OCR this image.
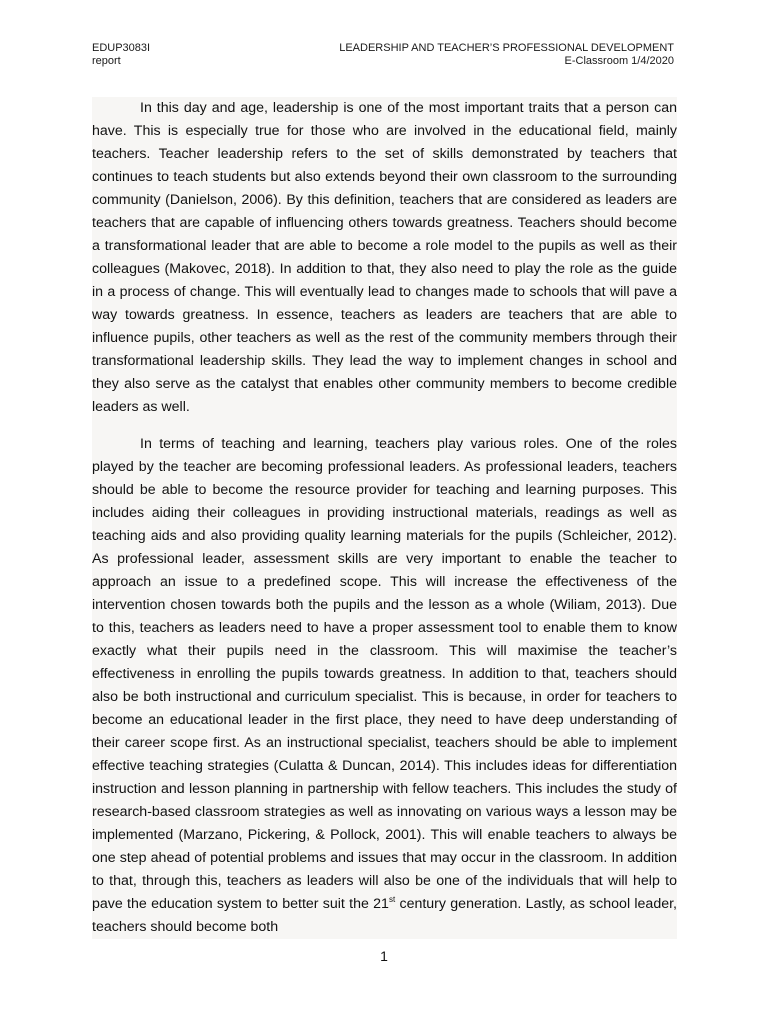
EDUP3083I
report
LEADERSHIP AND TEACHER’S PROFESSIONAL DEVELOPMENT
E-Classroom 1/4/2020

In this day and age, leadership is one of the most important traits that a person can have. This is especially true for those who are involved in the educational field, mainly teachers. Teacher leadership refers to the set of skills demonstrated by teachers that continues to teach students but also extends beyond their own classroom to the surrounding community (Danielson, 2006). By this definition, teachers that are considered as leaders are teachers that are capable of influencing others towards greatness. Teachers should become a transformational leader that are able to become a role model to the pupils as well as their colleagues (Makovec, 2018). In addition to that, they also need to play the role as the guide in a process of change. This will eventually lead to changes made to schools that will pave a way towards greatness. In essence, teachers as leaders are teachers that are able to influence pupils, other teachers as well as the rest of the community members through their transformational leadership skills. They lead the way to implement changes in school and they also serve as the catalyst that enables other community members to become credible leaders as well.

In terms of teaching and learning, teachers play various roles. One of the roles played by the teacher are becoming professional leaders. As professional leaders, teachers should be able to become the resource provider for teaching and learning purposes. This includes aiding their colleagues in providing instructional materials, readings as well as teaching aids and also providing quality learning materials for the pupils (Schleicher, 2012). As professional leader, assessment skills are very important to enable the teacher to approach an issue to a predefined scope. This will increase the effectiveness of the intervention chosen towards both the pupils and the lesson as a whole (Wiliam, 2013). Due to this, teachers as leaders need to have a proper assessment tool to enable them to know exactly what their pupils need in the classroom. This will maximise the teacher’s effectiveness in enrolling the pupils towards greatness. In addition to that, teachers should also be both instructional and curriculum specialist. This is because, in order for teachers to become an educational leader in the first place, they need to have deep understanding of their career scope first. As an instructional specialist, teachers should be able to implement effective teaching strategies (Culatta & Duncan, 2014). This includes ideas for differentiation instruction and lesson planning in partnership with fellow teachers. This includes the study of research-based classroom strategies as well as innovating on various ways a lesson may be implemented (Marzano, Pickering, & Pollock, 2001). This will enable teachers to always be one step ahead of potential problems and issues that may occur in the classroom. In addition to that, through this, teachers as leaders will also be one of the individuals that will help to pave the education system to better suit the 21st century generation. Lastly, as school leader, teachers should become both

1
